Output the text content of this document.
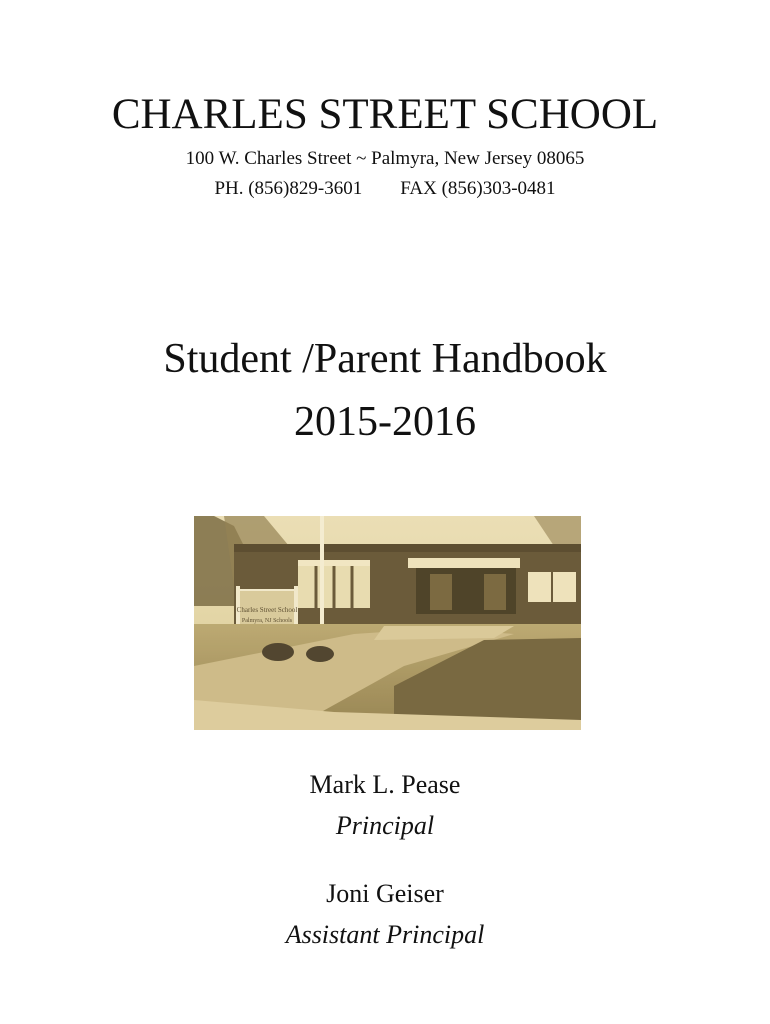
CHARLES STREET SCHOOL
100 W. Charles Street ~ Palmyra, New Jersey 08065
PH. (856)829-3601 FAX (856)303-0481
Student /Parent Handbook
2015-2016
Charles Street School
Palmyra, NJ Schools
Mark L. Pease
Principal
Joni Geiser
Assistant Principal
